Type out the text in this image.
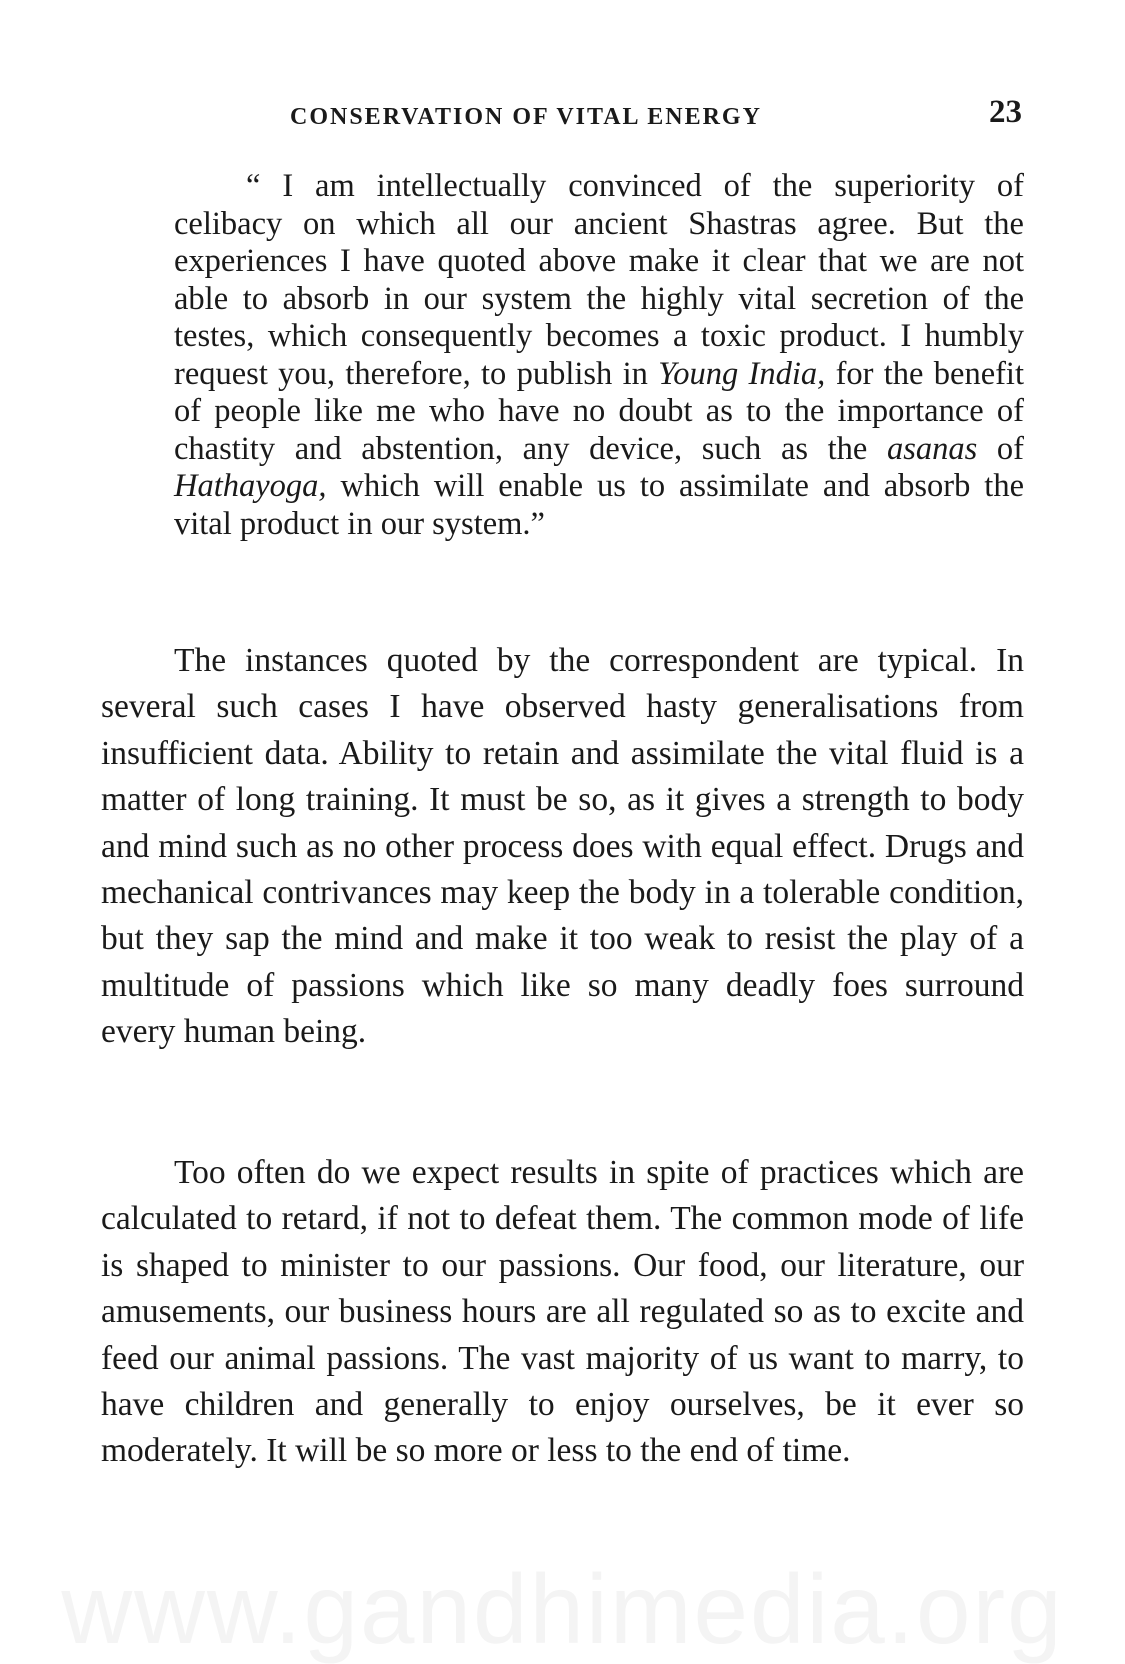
CONSERVATION OF VITAL ENERGY	23

“ I am intellectually convinced of the superiority of celibacy on which all our ancient Shastras agree. But the experiences I have quoted above make it clear that we are not able to absorb in our system the highly vital secretion of the testes, which consequently becomes a toxic product. I humbly request you, therefore, to publish in Young India, for the benefit of people like me who have no doubt as to the importance of chastity and abstention, any device, such as the asanas of Hathayoga, which will enable us to assimilate and absorb the vital product in our system.”

The instances quoted by the correspondent are typical. In several such cases I have observed hasty generalisations from insufficient data. Ability to retain and assimilate the vital fluid is a matter of long training. It must be so, as it gives a strength to body and mind such as no other process does with equal effect. Drugs and mechanical contrivances may keep the body in a tolerable condition, but they sap the mind and make it too weak to resist the play of a multitude of passions which like so many deadly foes surround every human being.

Too often do we expect results in spite of practices which are calculated to retard, if not to defeat them. The common mode of life is shaped to minister to our passions. Our food, our literature, our amusements, our business hours are all regulated so as to excite and feed our animal passions. The vast majority of us want to marry, to have children and generally to enjoy ourselves, be it ever so moderately. It will be so more or less to the end of time.

www.gandhimedia.org
